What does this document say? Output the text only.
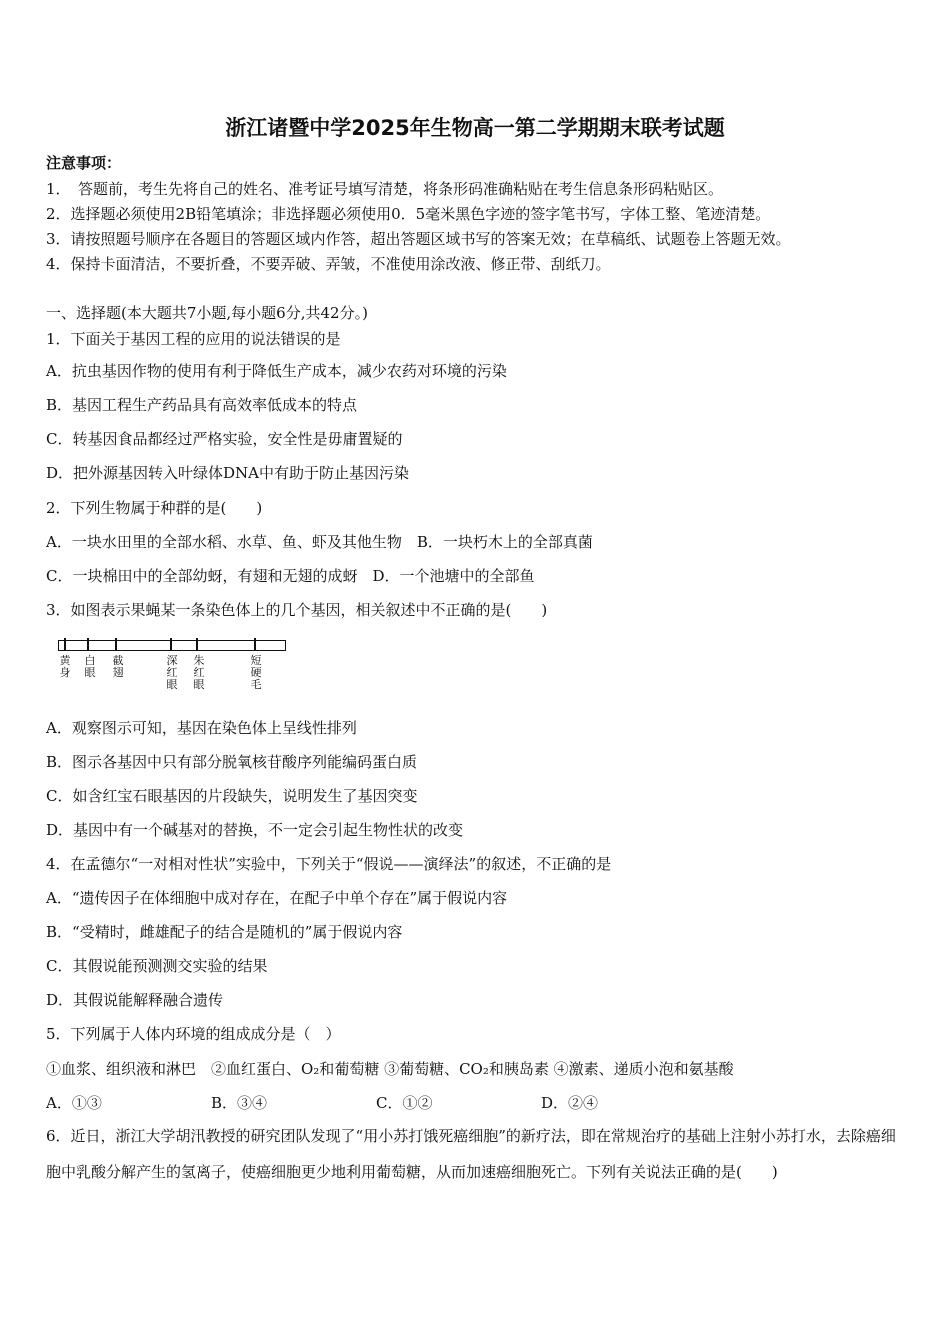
浙江诸暨中学2025年生物高一第二学期期末联考试题
注意事项：
1．　答题前，考生先将自己的姓名、准考证号填写清楚，将条形码准确粘贴在考生信息条形码粘贴区。
2．选择题必须使用2B铅笔填涂；非选择题必须使用0．5毫米黑色字迹的签字笔书写，字体工整、笔迹清楚。
3．请按照题号顺序在各题目的答题区域内作答，超出答题区域书写的答案无效；在草稿纸、试题卷上答题无效。
4．保持卡面清洁，不要折叠，不要弄破、弄皱，不准使用涂改液、修正带、刮纸刀。
一、选择题(本大题共7小题,每小题6分,共42分。)
1．下面关于基因工程的应用的说法错误的是
A．抗虫基因作物的使用有利于降低生产成本，减少农药对环境的污染
B．基因工程生产药品具有高效率低成本的特点
C．转基因食品都经过严格实验，安全性是毋庸置疑的
D．把外源基因转入叶绿体DNA中有助于防止基因污染
2．下列生物属于种群的是(　　)
A．一块水田里的全部水稻、水草、鱼、虾及其他生物　B．一块朽木上的全部真菌
C．一块棉田中的全部幼蚜，有翅和无翅的成蚜　D．一个池塘中的全部鱼
3．如图表示果蝇某一条染色体上的几个基因，相关叙述中不正确的是(　　)
黄身
白眼
截翅
深红眼
朱红眼
短硬毛
A．观察图示可知，基因在染色体上呈线性排列
B．图示各基因中只有部分脱氧核苷酸序列能编码蛋白质
C．如含红宝石眼基因的片段缺失，说明发生了基因突变
D．基因中有一个碱基对的替换，不一定会引起生物性状的改变
4．在孟德尔“一对相对性状”实验中，下列关于“假说——演绎法”的叙述，不正确的是
A．“遗传因子在体细胞中成对存在，在配子中单个存在”属于假说内容
B．“受精时，雌雄配子的结合是随机的”属于假说内容
C．其假说能预测测交实验的结果
D．其假说能解释融合遗传
5．下列属于人体内环境的组成成分是（　）
①血浆、组织液和淋巴　②血红蛋白、O₂和葡萄糖 ③葡萄糖、CO₂和胰岛素 ④激素、递质小泡和氨基酸
A．①③	B．③④	C．①②	D．②④
6．近日，浙江大学胡汛教授的研究团队发现了“用小苏打饿死癌细胞”的新疗法，即在常规治疗的基础上注射小苏打水，去除癌细胞中乳酸分解产生的氢离子，使癌细胞更少地利用葡萄糖，从而加速癌细胞死亡。下列有关说法正确的是(　　)
